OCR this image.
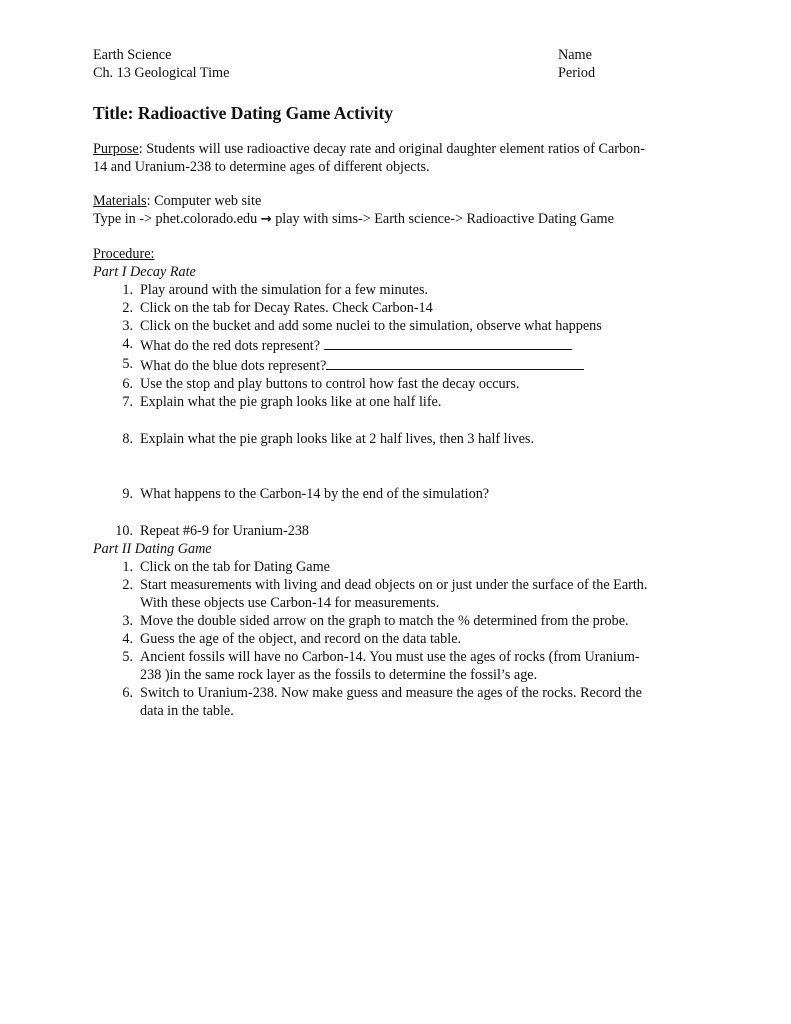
Earth Science
Ch. 13 Geological Time
Name
Period
Title: Radioactive Dating Game Activity
Purpose: Students will use radioactive decay rate and original daughter element ratios of Carbon-
14 and Uranium-238 to determine ages of different objects.
Materials: Computer web site
Type in -> phet.colorado.edu → play with sims-> Earth science-> Radioactive Dating Game
Procedure:
Part I Decay Rate
1. Play around with the simulation for a few minutes.
2. Click on the tab for Decay Rates. Check Carbon-14
3. Click on the bucket and add some nuclei to the simulation, observe what happens
4. What do the red dots represent?
5. What do the blue dots represent?
6. Use the stop and play buttons to control how fast the decay occurs.
7. Explain what the pie graph looks like at one half life.
8. Explain what the pie graph looks like at 2 half lives, then 3 half lives.
9. What happens to the Carbon-14 by the end of the simulation?
10. Repeat #6-9 for Uranium-238
Part II Dating Game
1. Click on the tab for Dating Game
2. Start measurements with living and dead objects on or just under the surface of the Earth.
With these objects use Carbon-14 for measurements.
3. Move the double sided arrow on the graph to match the % determined from the probe.
4. Guess the age of the object, and record on the data table.
5. Ancient fossils will have no Carbon-14. You must use the ages of rocks (from Uranium-
238 )in the same rock layer as the fossils to determine the fossil’s age.
6. Switch to Uranium-238. Now make guess and measure the ages of the rocks. Record the
data in the table.
